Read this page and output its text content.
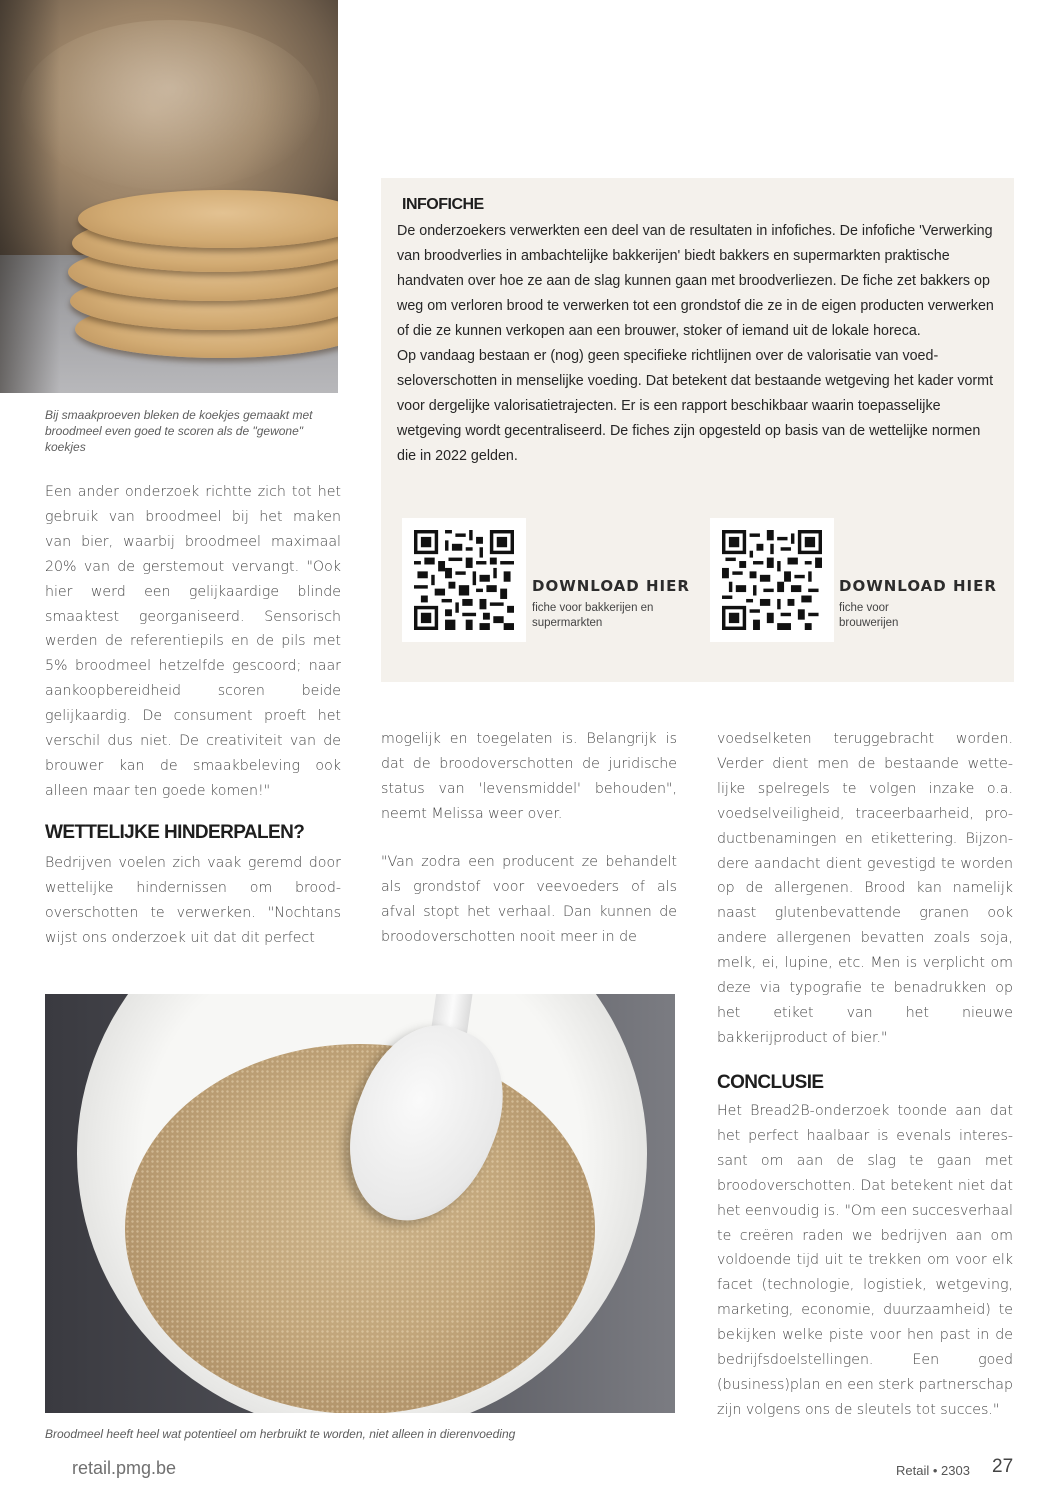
Bij smaakproeven bleken de koekjes gemaakt met broodmeel even goed te scoren als de "gewone" koekjes

Een ander onderzoek richtte zich tot het gebruik van broodmeel bij het maken van bier, waarbij broodmeel maximaal 20% van de gerstemout vervangt. "Ook hier werd een gelijkaardige blinde smaaktest georganiseerd. Sensorisch werden de referentiepils en de pils met 5% broodmeel hetzelfde gescoord; naar aankoopbereidheid scoren beide gelijkaardig. De consument proeft het verschil dus niet. De creativiteit van de brouwer kan de smaakbeleving ook alleen maar ten goede komen!"

WETTELIJKE HINDERPALEN?

Bedrijven voelen zich vaak geremd door wettelijke hindernissen om broodoverschotten te verwerken. "Nochtans wijst ons onderzoek uit dat dit perfect

INFOFICHE

De onderzoekers verwerkten een deel van de resultaten in infofiches. De infofiche 'Verwerking van broodverlies in ambachtelijke bakkerijen' biedt bakkers en supermarkten praktische handvaten over hoe ze aan de slag kunnen gaan met broodverliezen. De fiche zet bakkers op weg om verloren brood te verwerken tot een grondstof die ze in de eigen producten verwerken of die ze kunnen verkopen aan een brouwer, stoker of iemand uit de lokale horeca.

Op vandaag bestaan er (nog) geen specifieke richtlijnen over de valorisatie van voedseloverschotten in menselijke voeding. Dat betekent dat bestaande wetgeving het kader vormt voor dergelijke valorisatietrajecten. Er is een rapport beschikbaar waarin toepasselijke wetgeving wordt gecentraliseerd. De fiches zijn opgesteld op basis van de wettelijke normen die in 2022 gelden.

DOWNLOAD HIER
fiche voor bakkerijen en supermarkten
DOWNLOAD HIER
fiche voor brouwerijen

mogelijk en toegelaten is. Belangrijk is dat de broodoverschotten de juridische status van 'levensmiddel' behouden", neemt Melissa weer over.

"Van zodra een producent ze behandelt als grondstof voor veevoeders of als afval stopt het verhaal. Dan kunnen de broodoverschotten nooit meer in de

voedselketen teruggebracht worden. Verder dient men de bestaande wettelijke spelregels te volgen inzake o.a. voedselveiligheid, traceerbaarheid, productbenamingen en etikettering. Bijzondere aandacht dient gevestigd te worden op de allergenen. Brood kan namelijk naast glutenbevattende granen ook andere allergenen bevatten zoals soja, melk, ei, lupine, etc. Men is verplicht om deze via typografie te benadrukken op het etiket van het nieuwe bakkerijproduct of bier."

CONCLUSIE

Het Bread2B-onderzoek toonde aan dat het perfect haalbaar is evenals interessant om aan de slag te gaan met broodoverschotten. Dat betekent niet dat het eenvoudig is. "Om een succesverhaal te creëren raden we bedrijven aan om voldoende tijd uit te trekken om voor elk facet (technologie, logistiek, wetgeving, marketing, economie, duurzaamheid) te bekijken welke piste voor hen past in de bedrijfsdoelstellingen. Een goed (business)plan en een sterk partnerschap zijn volgens ons de sleutels tot succes."

Broodmeel heeft heel wat potentieel om herbruikt te worden, niet alleen in dierenvoeding
retail.pmg.be	Retail • 2303 27
